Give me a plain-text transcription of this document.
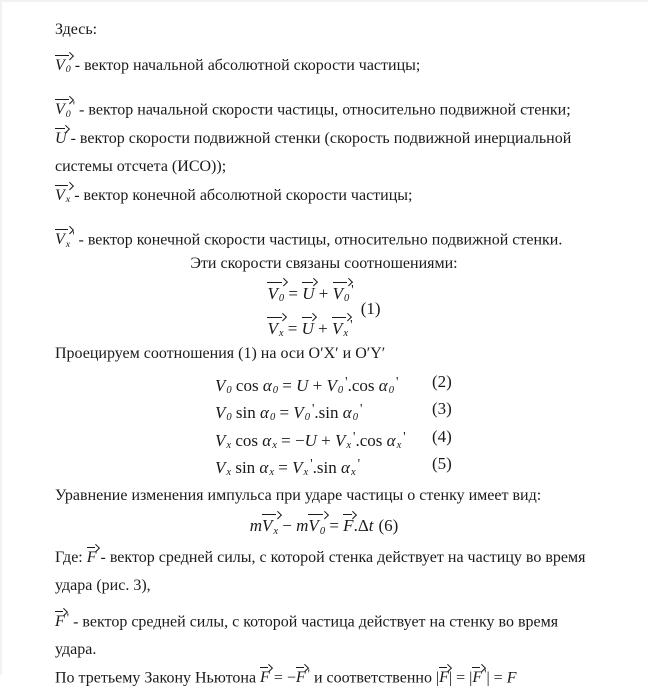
Здесь:
$V_0$ - вектор начальной абсолютной скорости частицы;
$V_0'$ - вектор начальной скорости частицы, относительно подвижной стенки;
U - вектор скорости подвижной стенки (скорость подвижной инерциальной системы отсчета (ИСО));
$V_х$ - вектор конечной абсолютной скорости частицы;
$V_х'$ - вектор конечной скорости частицы, относительно подвижной стенки.
Эти скорости связаны соотношениями:
$V_0 = U + V_0'$
$V_х = U + V_х'$
(1)
Проецируем соотношения (1) на оси O′X′ и O′Y′
$V_0$ $\cos \alpha_0 = U + V_0'.\cos$ $\alpha_0'$ (2)
$V_0$ $\sin \alpha_0 = V_0'.\sin$ $\alpha_0'$	(3)
$V_х$ $\cos \alpha_х = -U + V_х'.\cos$ $\alpha_х'$ (4)
$V_х$ $\sin \alpha_х = V_х'.\sin$ $\alpha_х'$	(5)
Уравнение изменения импульса при ударе частицы о стенку имеет вид:
$mV_х - mV_0 = F.\Delta t$ (6)
Где: F - вектор средней силы, с которой стенка действует на частицу во время удара (рис. 3),
F ' - вектор средней силы, с которой частица действует на стенку во время удара.
По третьему Закону Ньютона F = −F ' и соответственно |F| = |F '| = F
